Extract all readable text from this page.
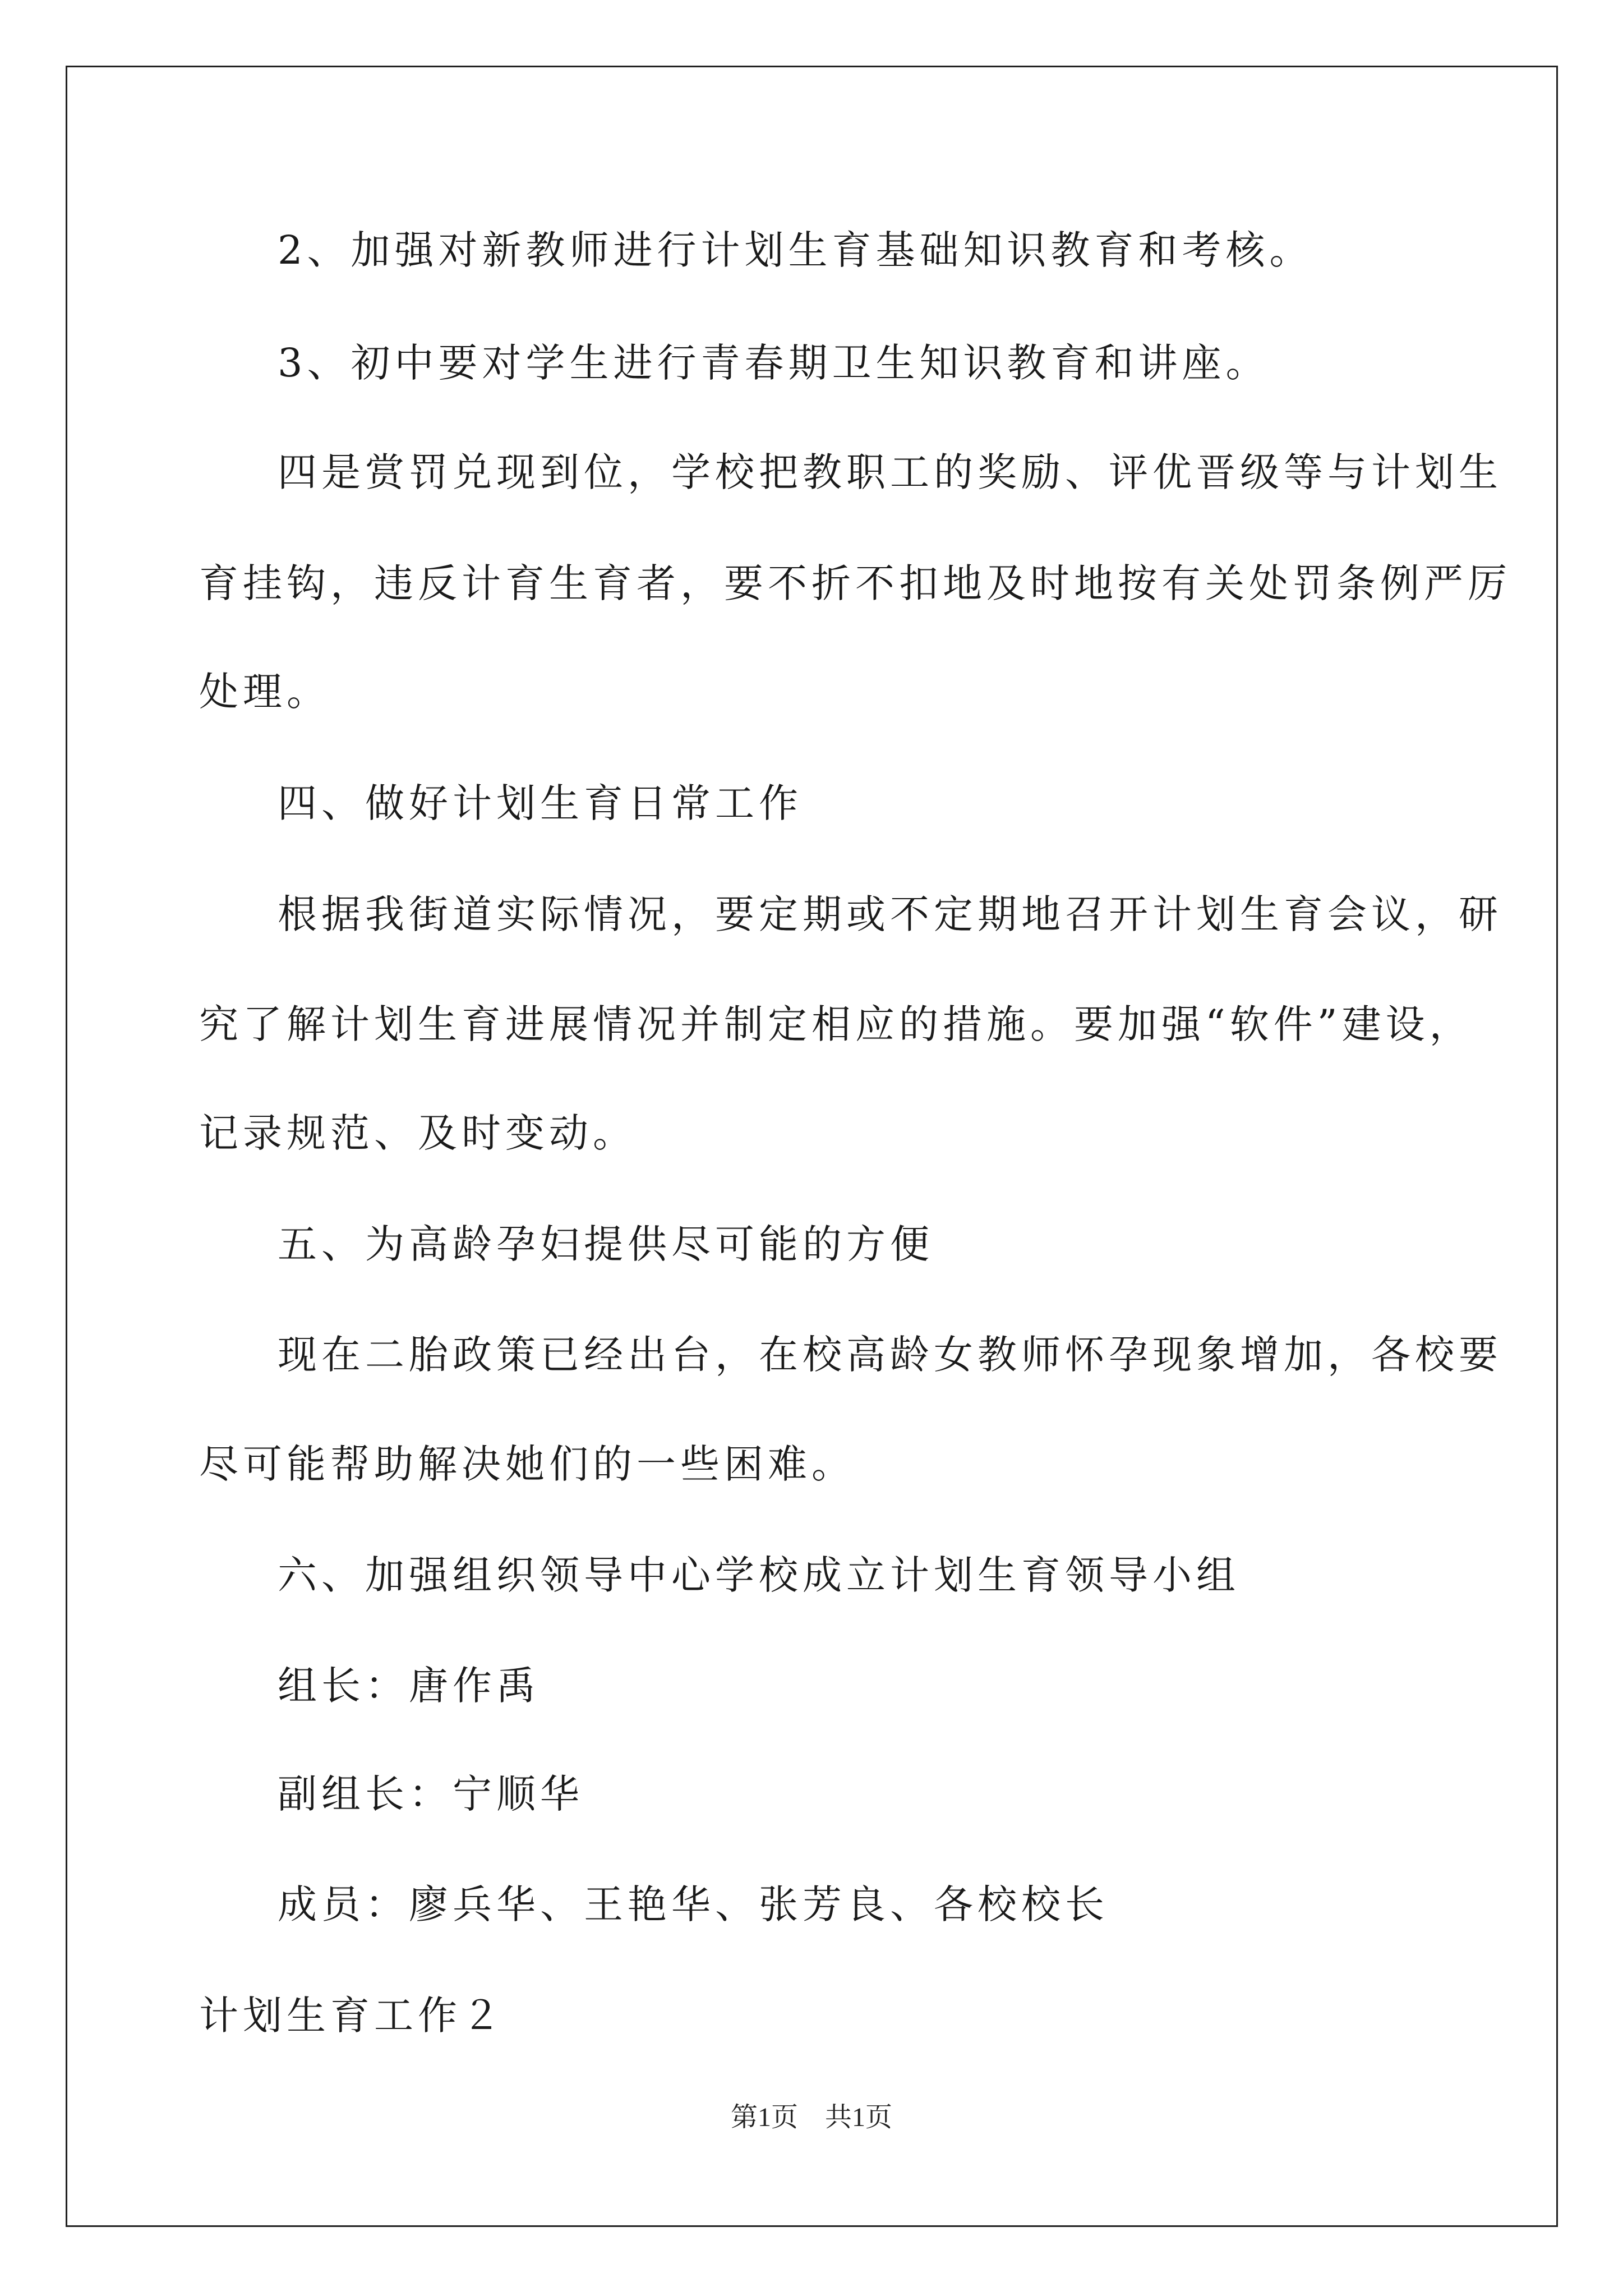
2、加强对新教师进行计划生育基础知识教育和考核。

3、初中要对学生进行青春期卫生知识教育和讲座。

四是赏罚兑现到位，学校把教职工的奖励、评优晋级等与计划生

育挂钩，违反计育生育者，要不折不扣地及时地按有关处罚条例严厉

处理。

四、做好计划生育日常工作

根据我街道实际情况，要定期或不定期地召开计划生育会议，研

究了解计划生育进展情况并制定相应的措施。要加强“软件”建设，

记录规范、及时变动。

五、为高龄孕妇提供尽可能的方便

现在二胎政策已经出台，在校高龄女教师怀孕现象增加，各校要

尽可能帮助解决她们的一些困难。

六、加强组织领导中心学校成立计划生育领导小组

组长：唐作禹

副组长：宁顺华

成员：廖兵华、王艳华、张芳良、各校校长

计划生育工作２

第1页 共1页
